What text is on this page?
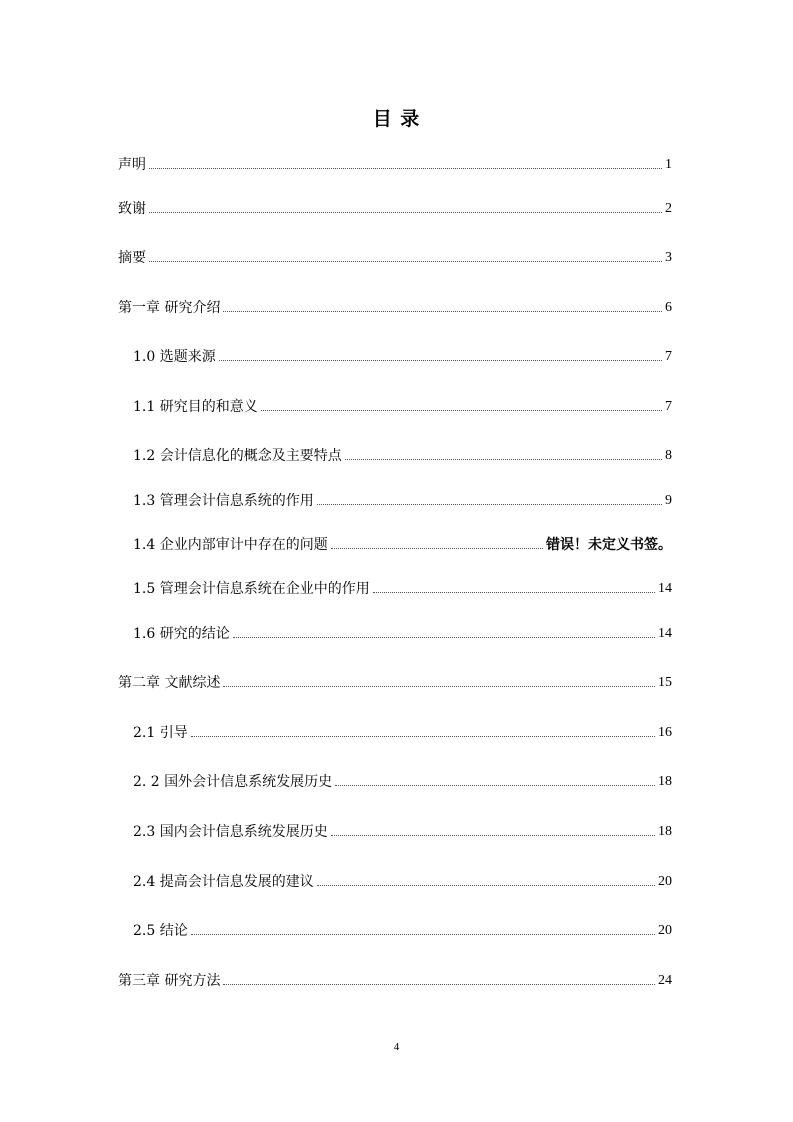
目 录
声明	1
致谢	2
摘要	3
第一章 研究介绍	6
1.0 选题来源	7
1.1 研究目的和意义	7
1.2 会计信息化的概念及主要特点	8
1.3 管理会计信息系统的作用	9
1.4 企业内部审计中存在的问题	错误！未定义书签。
1.5 管理会计信息系统在企业中的作用	14
1.6 研究的结论	14
第二章 文献综述	15
2.1 引导	16
2. 2 国外会计信息系统发展历史	18
2.3 国内会计信息系统发展历史	18
2.4 提高会计信息发展的建议	20
2.5 结论	20
第三章 研究方法	24
4
